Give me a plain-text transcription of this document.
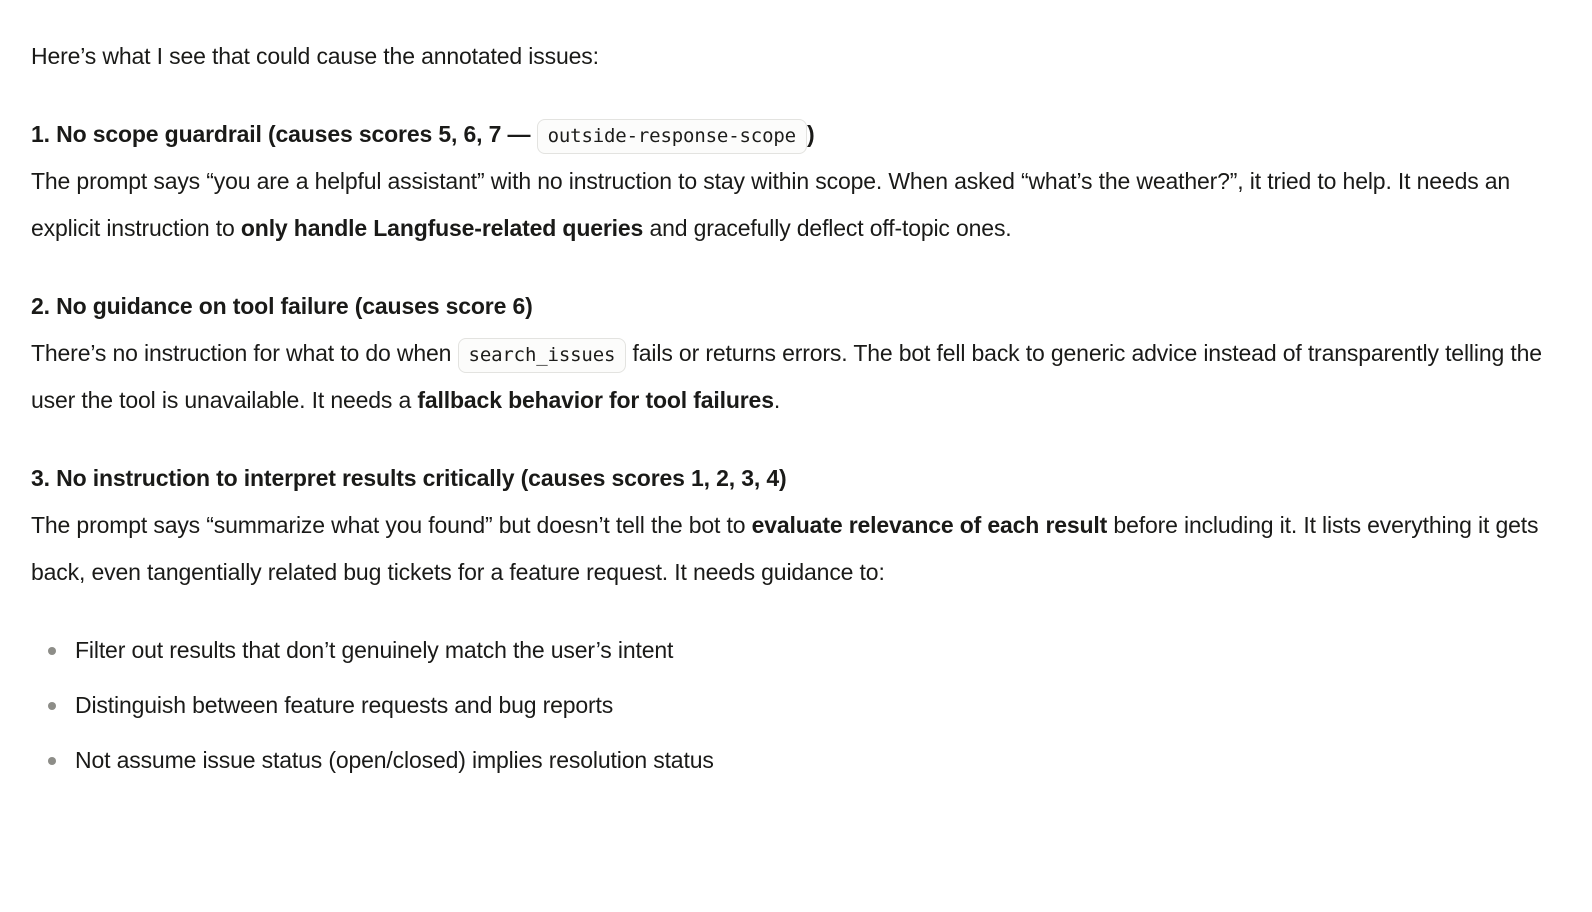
Here’s what I see that could cause the annotated issues:

1. No scope guardrail (causes scores 5, 6, 7 — outside-response-scope )
The prompt says “you are a helpful assistant” with no instruction to stay within scope. When asked “what’s the weather?”, it tried to help. It needs an explicit instruction to only handle Langfuse-related queries and gracefully deflect off-topic ones.

2. No guidance on tool failure (causes score 6)
There’s no instruction for what to do when search_issues fails or returns errors. The bot fell back to generic advice instead of transparently telling the user the tool is unavailable. It needs a fallback behavior for tool failures.

3. No instruction to interpret results critically (causes scores 1, 2, 3, 4)
The prompt says “summarize what you found” but doesn’t tell the bot to evaluate relevance of each result before including it. It lists everything it gets back, even tangentially related bug tickets for a feature request. It needs guidance to:

Filter out results that don’t genuinely match the user’s intent
Distinguish between feature requests and bug reports
Not assume issue status (open/closed) implies resolution status
